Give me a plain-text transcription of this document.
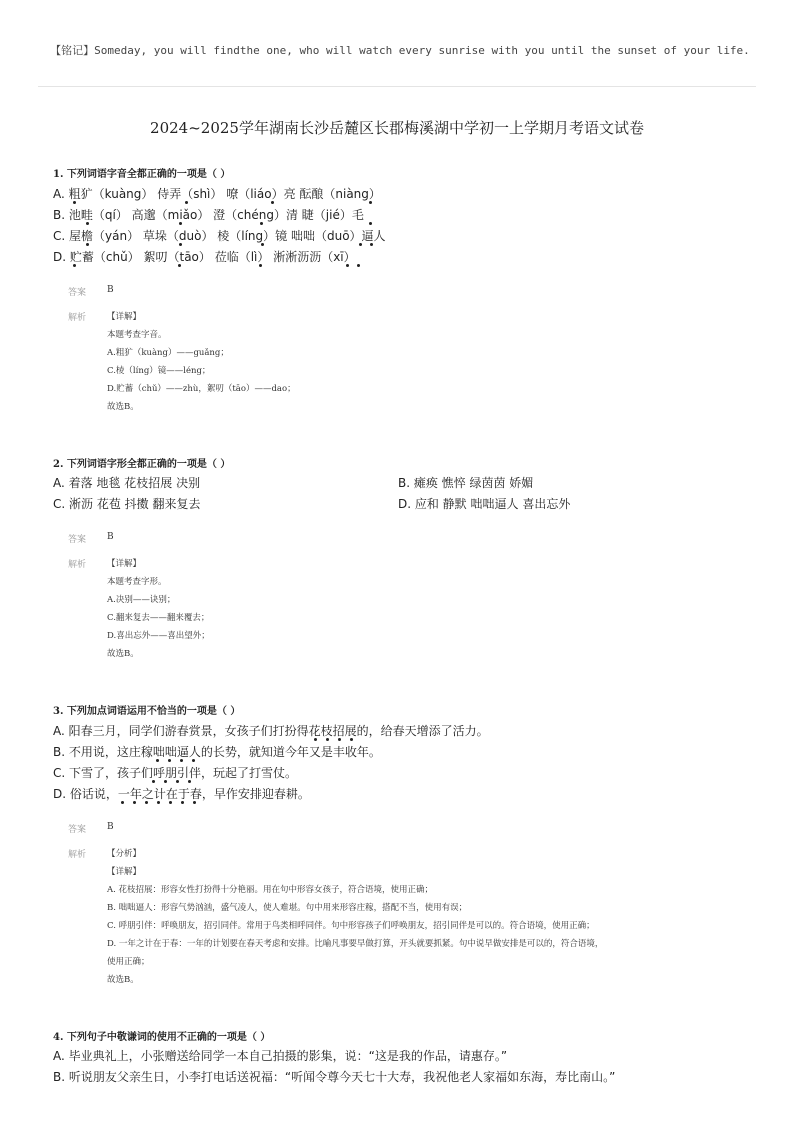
【铭记】Someday, you will findthe one, who will watch every sunrise with you until the sunset of your life.
2024~2025学年湖南长沙岳麓区长郡梅溪湖中学初一上学期月考语文试卷
1. 下列词语字音全都正确的一项是（ ）
A. 粗犷（kuàng） 侍弄（shì） 嘹（liáo）亮 酝酿（niàng）
B. 池畦（qí） 高邈（miǎo） 澄（chéng）清 睫（jié）毛
C. 屋檐（yán） 草垛（duò） 棱（líng）镜 咄咄（duō）逼人
D. 贮蓄（chǔ） 絮叨（tāo） 莅临（lì） 淅淅沥沥（xī）
答案 B
解析 【详解】
本题考查字音。
A.粗犷（kuàng）——guǎng；
C.棱（líng）镜——léng；
D.贮蓄（chǔ）——zhù，絮叨（tāo）——dao；
故选B。
2. 下列词语字形全都正确的一项是（ ）
A. 着落 地毯 花枝招展 决别	B. 瘫痪 憔悴 绿茵茵 娇媚
C. 淅沥 花苞 抖擞 翻来复去	D. 应和 静默 咄咄逼人 喜出忘外
答案 B
解析 【详解】
本题考查字形。
A.决别——诀别；
C.翻来复去——翻来覆去；
D.喜出忘外——喜出望外；
故选B。
3. 下列加点词语运用不恰当的一项是（ ）
A. 阳春三月，同学们游春赏景，女孩子们打扮得花枝招展的，给春天增添了活力。
B. 不用说，这庄稼咄咄逼人的长势，就知道今年又是丰收年。
C. 下雪了，孩子们呼朋引伴，玩起了打雪仗。
D. 俗话说，一年之计在于春，早作安排迎春耕。
答案 B
解析 【分析】
【详解】
A. 花枝招展：形容女性打扮得十分艳丽。用在句中形容女孩子，符合语境，使用正确；
B. 咄咄逼人：形容气势汹汹，盛气凌人，使人难堪。句中用来形容庄稼，搭配不当，使用有误；
C. 呼朋引伴：呼唤朋友，招引同伴。常用于鸟类相呼同伴。句中形容孩子们呼唤朋友，招引同伴是可以的。符合语境，使用正确；
D. 一年之计在于春：一年的计划要在春天考虑和安排。比喻凡事要早做打算，开头就要抓紧。句中说早做安排是可以的，符合语境，
使用正确；
故选B。
4. 下列句子中敬谦词的使用不正确的一项是（ ）
A. 毕业典礼上，小张赠送给同学一本自己拍摄的影集，说：“这是我的作品，请惠存。”
B. 听说朋友父亲生日，小李打电话送祝福：“听闻令尊今天七十大寿，我祝他老人家福如东海，寿比南山。”
